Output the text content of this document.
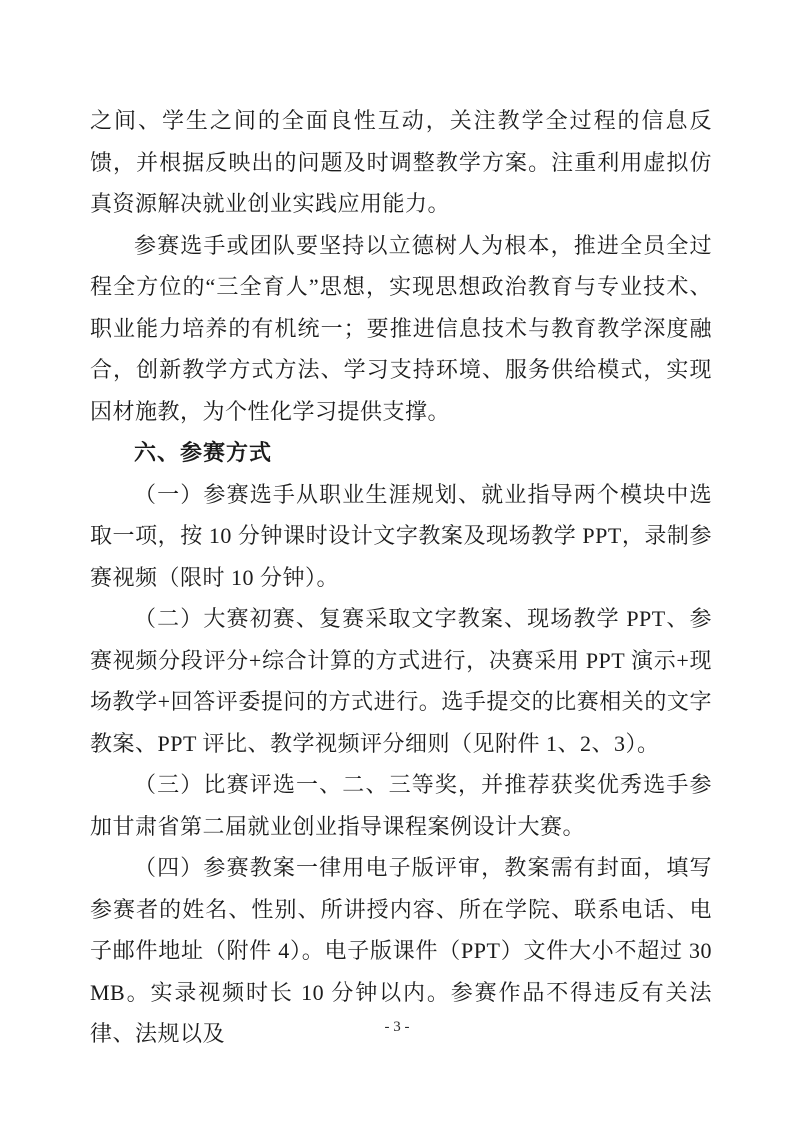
之间、学生之间的全面良性互动，关注教学全过程的信息反馈，并根据反映出的问题及时调整教学方案。注重利用虚拟仿真资源解决就业创业实践应用能力。

参赛选手或团队要坚持以立德树人为根本，推进全员全过程全方位的“三全育人”思想，实现思想政治教育与专业技术、职业能力培养的有机统一；要推进信息技术与教育教学深度融合，创新教学方式方法、学习支持环境、服务供给模式，实现因材施教，为个性化学习提供支撑。

六、参赛方式

（一）参赛选手从职业生涯规划、就业指导两个模块中选取一项，按 10 分钟课时设计文字教案及现场教学 PPT，录制参赛视频（限时 10 分钟）。

（二）大赛初赛、复赛采取文字教案、现场教学 PPT、参赛视频分段评分+综合计算的方式进行，决赛采用 PPT 演示+现场教学+回答评委提问的方式进行。选手提交的比赛相关的文字教案、PPT 评比、教学视频评分细则（见附件 1、2、3）。

（三）比赛评选一、二、三等奖，并推荐获奖优秀选手参加甘肃省第二届就业创业指导课程案例设计大赛。

（四）参赛教案一律用电子版评审，教案需有封面，填写参赛者的姓名、性别、所讲授内容、所在学院、联系电话、电子邮件地址（附件 4）。电子版课件（PPT）文件大小不超过 30MB。实录视频时长 10 分钟以内。参赛作品不得违反有关法律、法规以及	- 3 -
